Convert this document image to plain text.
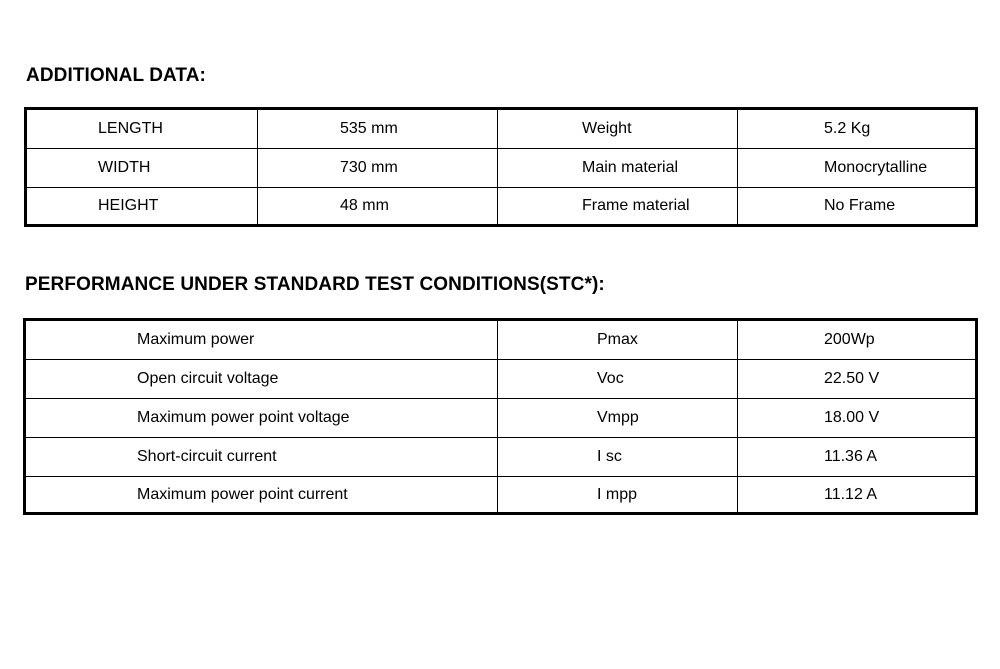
ADDITIONAL DATA:
LENGTH	535 mm	Weight	5.2 Kg
WIDTH	730 mm	Main material	Monocrytalline
HEIGHT	48 mm	Frame material	No Frame
PERFORMANCE UNDER STANDARD TEST CONDITIONS(STC*):
Maximum power	Pmax	200Wp
Open circuit voltage	Voc	22.50 V
Maximum power point voltage	Vmpp	18.00 V
Short-circuit current	I sc	11.36 A
Maximum power point current	I mpp	11.12 A
